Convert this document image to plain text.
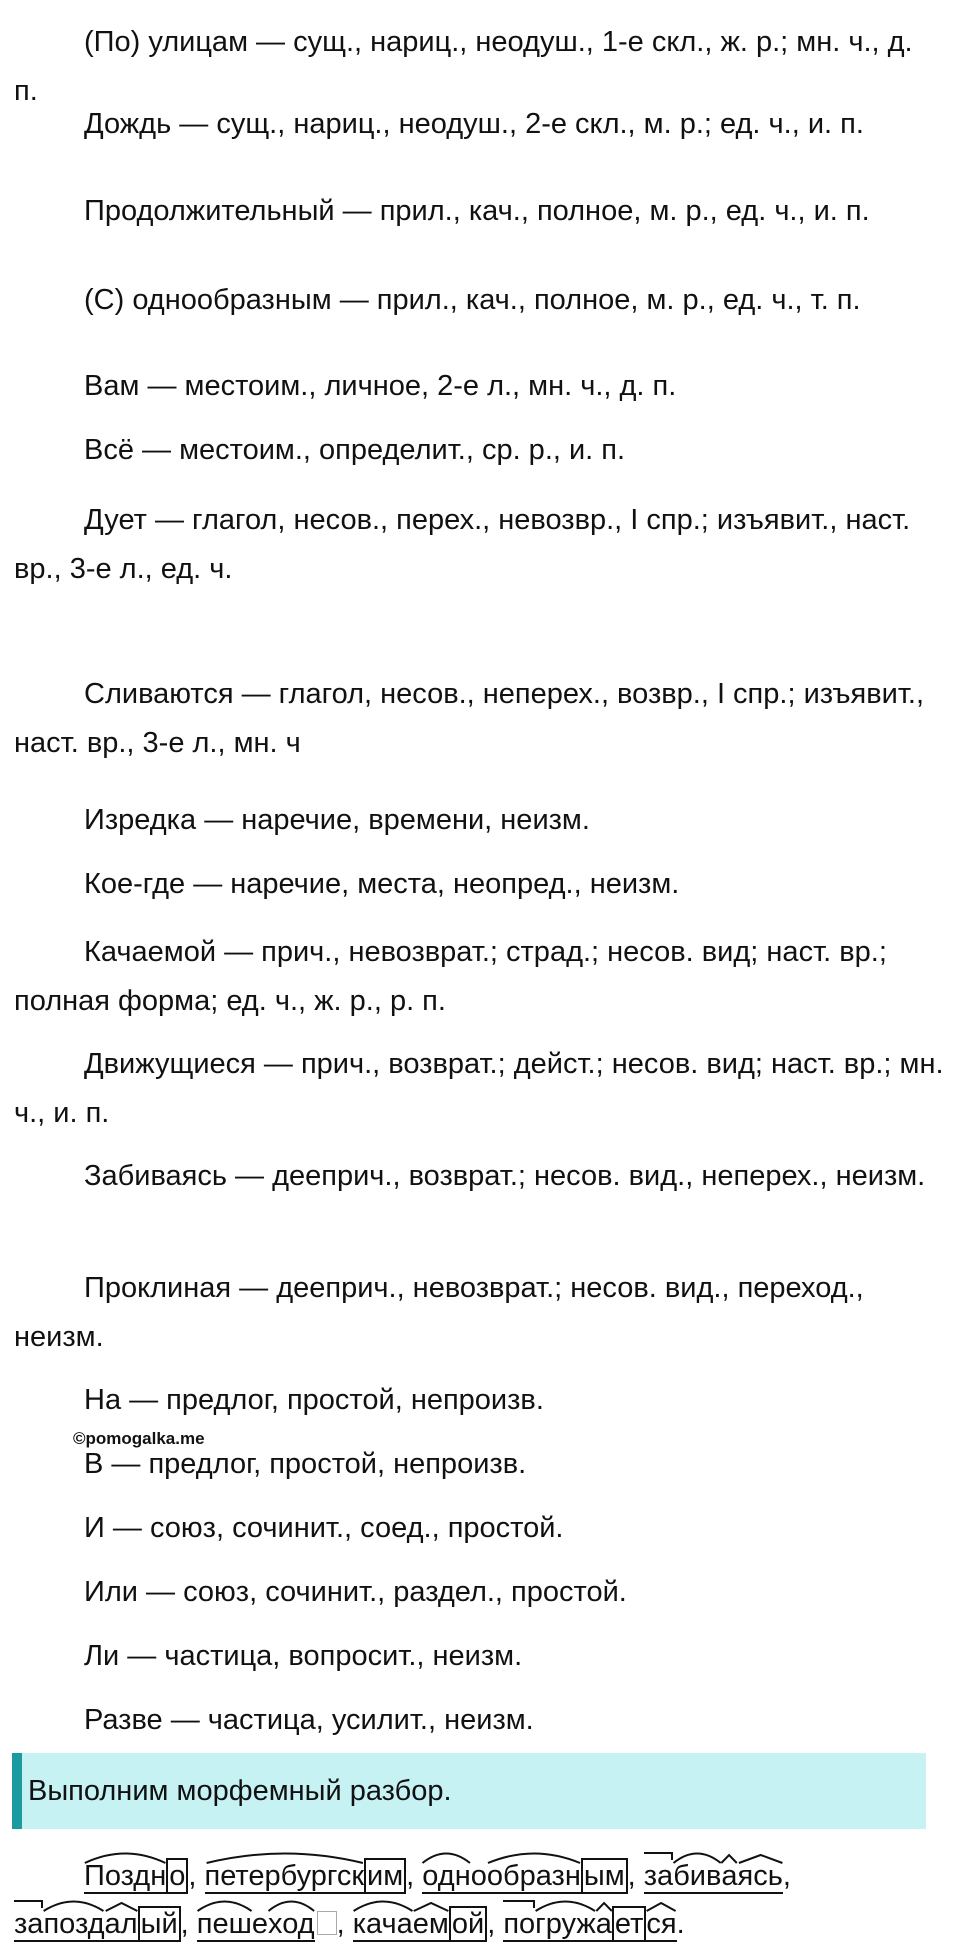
(По) улицам — сущ., нариц., неодуш., 1-е скл., ж. р.; мн. ч., д. п.

Дождь — сущ., нариц., неодуш., 2-е скл., м. р.; ед. ч., и. п.

Продолжительный — прил., кач., полное, м. р., ед. ч., и. п.

(С) однообразным — прил., кач., полное, м. р., ед. ч., т. п.

Вам — местоим., личное, 2-е л., мн. ч., д. п.

Всё — местоим., определит., ср. р., и. п.

Дует — глагол, несов., перех., невозвр., I спр.; изъявит., наст. вр., 3-е л., ед. ч.

Сливаются — глагол, несов., неперех., возвр., I спр.; изъявит., наст. вр., 3-е л., мн. ч

Изредка — наречие, времени, неизм.

Кое-где — наречие, места, неопред., неизм.

Качаемой — прич., невозврат.; страд.; несов. вид; наст. вр.; полная форма; ед. ч., ж. р., р. п.

Движущиеся — прич., возврат.; дейст.; несов. вид; наст. вр.; мн. ч., и. п.

Забиваясь — дееприч., возврат.; несов. вид., неперех., неизм.

Проклиная — дееприч., невозврат.; несов. вид., переход., неизм.

На — предлог, простой, непроизв.

В — предлог, простой, непроизв.

И — союз, сочинит., соед., простой.

Или — союз, сочинит., раздел., простой.

Ли — частица, вопросит., неизм.

Разве — частица, усилит., неизм.

©pomogalka.me
Выполним морфемный разбор.
Поздн о ,
петербургск им ,
одно
образн ым ,
за
бив
а
ясь,
за
позд
ал ый ,
пеше
ход ,
кача
ем ой ,
по
груж
а ет ся.
